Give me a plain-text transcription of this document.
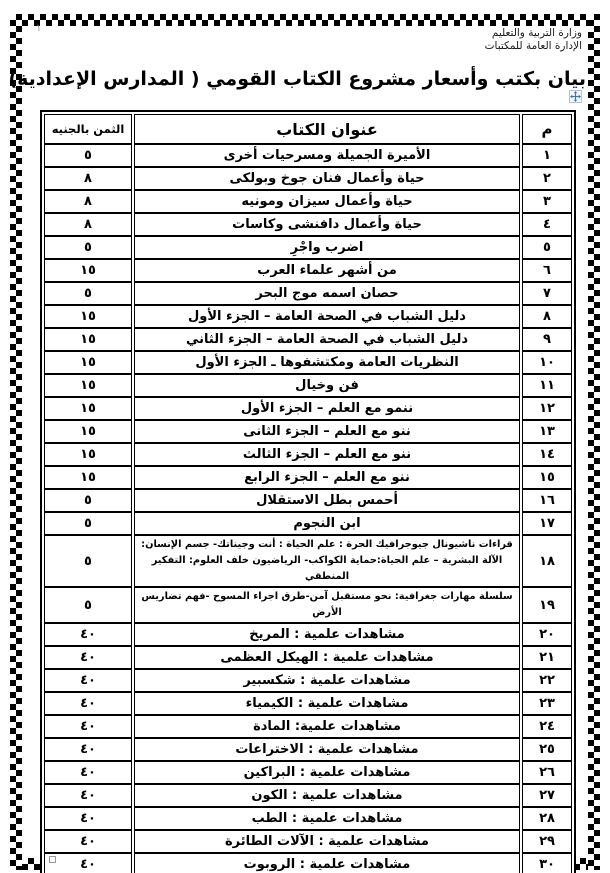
١	وزارة التربية والتعليم
الإدارة العامة للمكتبات
بيان بكتب وأسعار مشروع الكتاب القومي ( المدارس الإعدادية)
م	عنوان الكتاب	الثمن بالجنيه
١	الأميرة الجميلة ومسرحيات أخرى	٥
٢	حياة وأعمال فنان جوخ وبولكى	٨
٣	حياة وأعمال سيزان ومونيه	٨
٤	حياة وأعمال دافنشى وكاسات	٨
٥	اضرب واجْرِ	٥
٦	من أشهر علماء العرب	١٥
٧	حصان اسمه موج البحر	٥
٨	دليل الشباب في الصحة العامة – الجزء الأول	١٥
٩	دليل الشباب في الصحة العامة – الجزء الثاني	١٥
١٠	النظريات العامة ومكتشفوها ـ الجزء الأول	١٥
١١	فن وخيال	١٥
١٢	ننمو مع العلم – الجزء الأول	١٥
١٣	ننو مع العلم – الجزء الثانى	١٥
١٤	ننو مع العلم – الجزء الثالث	١٥
١٥	ننو مع العلم – الجزء الرابع	١٥
١٦	أحمس بطل الاستقلال	٥
١٧	ابن النجوم	٥
١٨	قراءات ناشيونال جيوجرافيك الحرة : علم الحياة : أنت وجيناتك- جسم الإنسان: الآلة البشرية – علم الحياة:حماية الكواكب- الرياضيون خلف العلوم: التفكير المنطقي	٥
١٩	سلسلة مهارات جغرافية: نحو مستقبل آمن-طرق اجراء المسوح -فهم تضاريس الأرض	٥
٢٠	مشاهدات علمية : المريخ	٤٠
٢١	مشاهدات علمية : الهيكل العظمى	٤٠
٢٢	مشاهدات علمية : شكسبير	٤٠
٢٣	مشاهدات علمية : الكيمياء	٤٠
٢٤	مشاهدات علمية: المادة	٤٠
٢٥	مشاهدات علمية : الاختراعات	٤٠
٢٦	مشاهدات علمية : البراكين	٤٠
٢٧	مشاهدات علمية : الكون	٤٠
٢٨	مشاهدات علمية : الطب	٤٠
٢٩	مشاهدات علمية : الآلات الطائرة	٤٠
٣٠	مشاهدات علمية : الروبوت	٤٠
